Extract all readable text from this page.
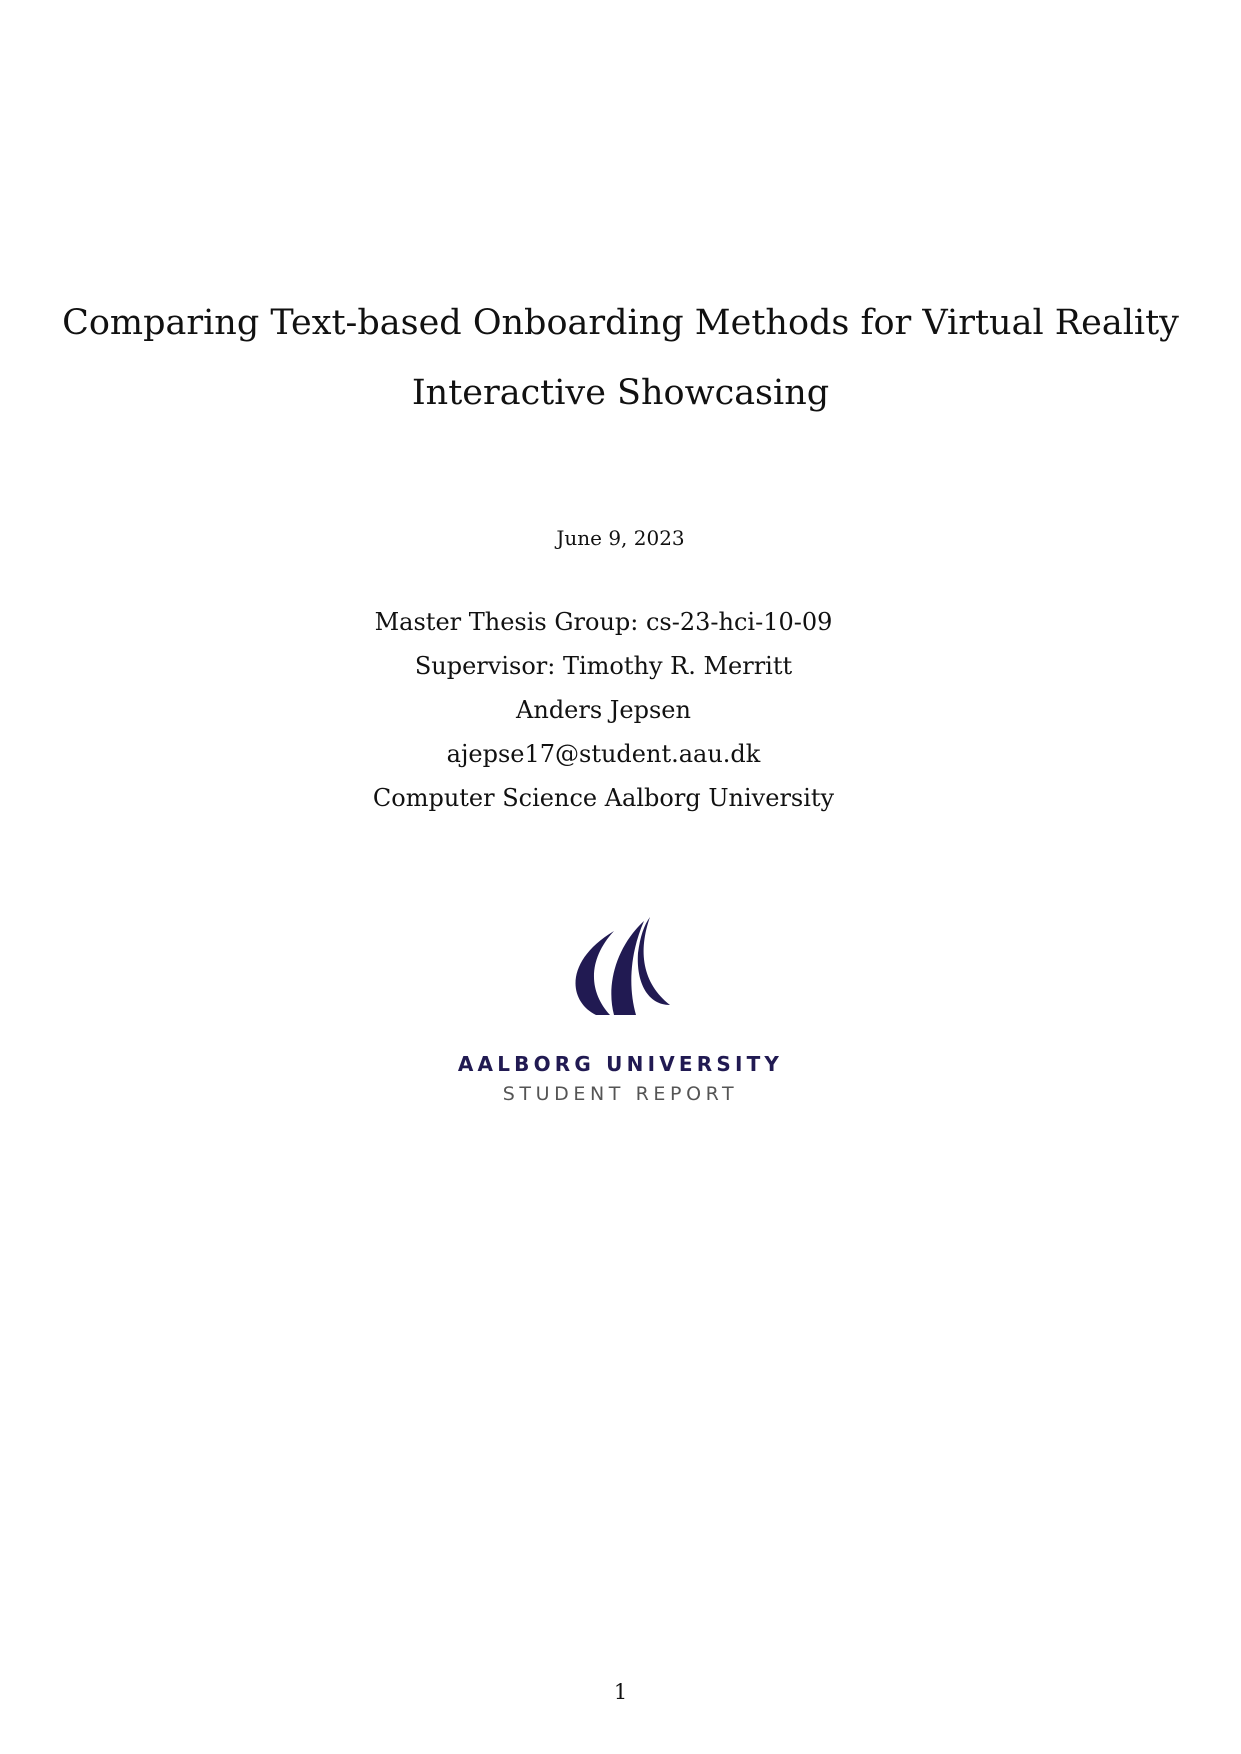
Comparing Text-based Onboarding Methods for Virtual Reality
Interactive Showcasing
June 9, 2023
Master Thesis Group: cs-23-hci-10-09
Supervisor: Timothy R. Merritt
Anders Jepsen
ajepse17@student.aau.dk
Computer Science Aalborg University
AALBORG UNIVERSITY
STUDENT REPORT
1
